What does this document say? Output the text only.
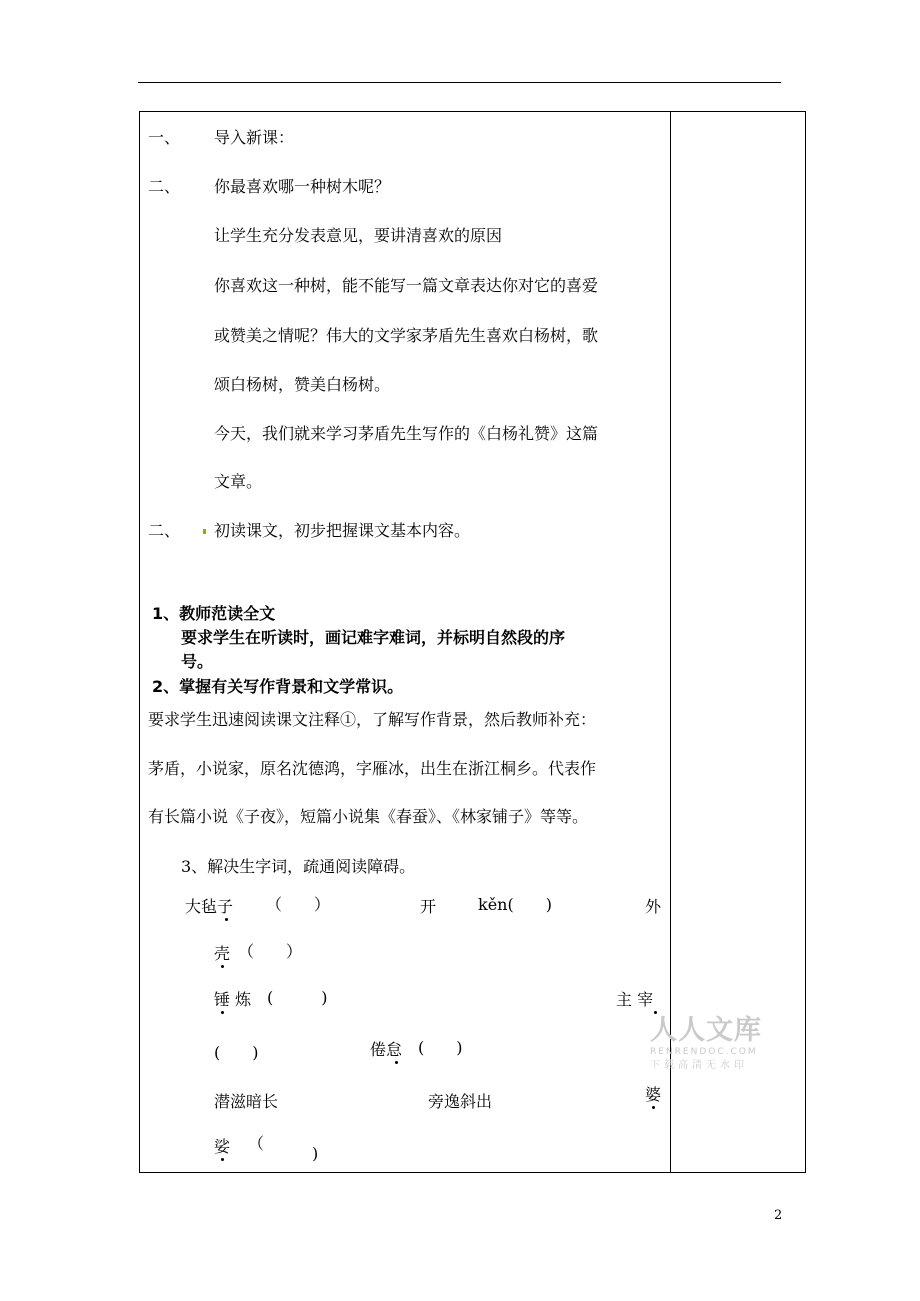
一、 导入新课：
二、 你最喜欢哪一种树木呢？
让学生充分发表意见，要讲清喜欢的原因
你喜欢这一种树，能不能写一篇文章表达你对它的喜爱
或赞美之情呢？伟大的文学家茅盾先生喜欢白杨树，歌
颂白杨树，赞美白杨树。
今天，我们就来学习茅盾先生写作的《白杨礼赞》这篇
文章。
二、 初读课文，初步把握课文基本内容。
1、教师范读全文
要求学生在听读时，画记难字难词，并标明自然段的序
号。
2、掌握有关写作背景和文学常识。
要求学生迅速阅读课文注释①，了解写作背景，然后教师补充：
茅盾，小说家，原名沈德鸿，字雁冰，出生在浙江桐乡。代表作
有长篇小说《子夜》，短篇小说集《春蚕》、《林家铺子》等等。
3、解决生字词，疏通阅读障碍。
大毡子 （　　）	开	kěn(　　)	外
壳 （　　）
锤 炼 (　　　)	主 宰
(　　)	倦怠 (　　)
潜滋暗长	旁逸斜出	婆
娑 （
)
人人文库
RENRENDOC.COM
下载高清无水印
2
